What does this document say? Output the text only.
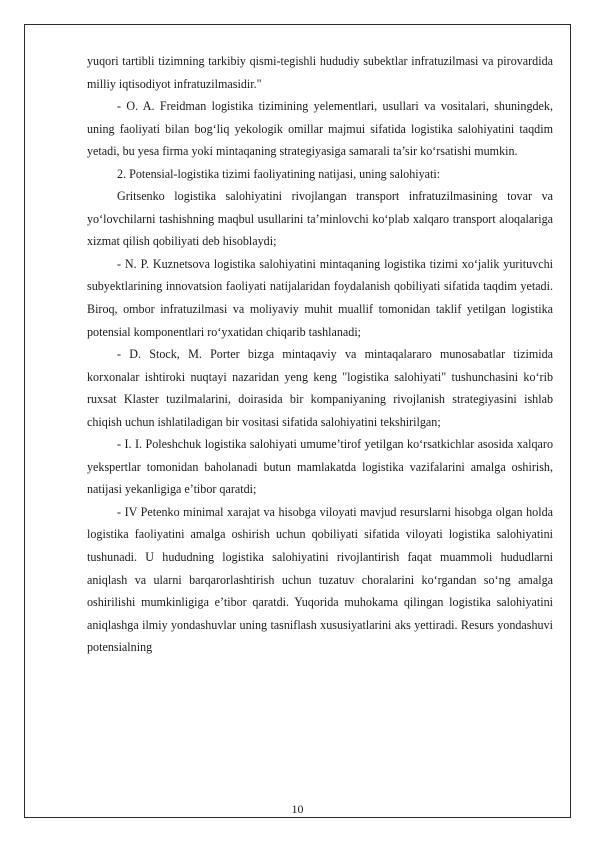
yuqori tartibli tizimning tarkibiy qismi-tegishli hududiy subektlar infratuzilmasi va pirovardida milliy iqtisodiyot infratuzilmasidir."

- O. A. Freidman logistika tizimining yelementlari, usullari va vositalari, shuningdek, uning faoliyati bilan bog‘liq yekologik omillar majmui sifatida logistika salohiyatini taqdim yetadi, bu yesa firma yoki mintaqaning strategiyasiga samarali ta’sir ko‘rsatishi mumkin.

2. Potensial-logistika tizimi faoliyatining natijasi, uning salohiyati:

Gritsenko logistika salohiyatini rivojlangan transport infratuzilmasining tovar va yo‘lovchilarni tashishning maqbul usullarini ta’minlovchi ko‘plab xalqaro transport aloqalariga xizmat qilish qobiliyati deb hisoblaydi;

- N. P. Kuznetsova logistika salohiyatini mintaqaning logistika tizimi xo‘jalik yurituvchi subyektlarining innovatsion faoliyati natijalaridan foydalanish qobiliyati sifatida taqdim yetadi. Biroq, ombor infratuzilmasi va moliyaviy muhit muallif tomonidan taklif yetilgan logistika potensial komponentlari ro‘yxatidan chiqarib tashlanadi;

- D. Stock, M. Porter bizga mintaqaviy va mintaqalararo munosabatlar tizimida korxonalar ishtiroki nuqtayi nazaridan yeng keng "logistika salohiyati" tushunchasini ko‘rib ruxsat Klaster tuzilmalarini, doirasida bir kompaniyaning rivojlanish strategiyasini ishlab chiqish uchun ishlatiladigan bir vositasi sifatida salohiyatini tekshirilgan;

- I. I. Poleshchuk logistika salohiyati umume’tirof yetilgan ko‘rsatkichlar asosida xalqaro yekspertlar tomonidan baholanadi butun mamlakatda logistika vazifalarini amalga oshirish, natijasi yekanligiga e’tibor qaratdi;

- IV Petenko minimal xarajat va hisobga viloyati mavjud resurslarni hisobga olgan holda logistika faoliyatini amalga oshirish uchun qobiliyati sifatida viloyati logistika salohiyatini tushunadi. U hududning logistika salohiyatini rivojlantirish faqat muammoli hududlarni aniqlash va ularni barqarorlashtirish uchun tuzatuv choralarini ko‘rgandan so‘ng amalga oshirilishi mumkinligiga e’tibor qaratdi. Yuqorida muhokama qilingan logistika salohiyatini aniqlashga ilmiy yondashuvlar uning tasniflash xususiyatlarini aks yettiradi. Resurs yondashuvi potensialning

10
